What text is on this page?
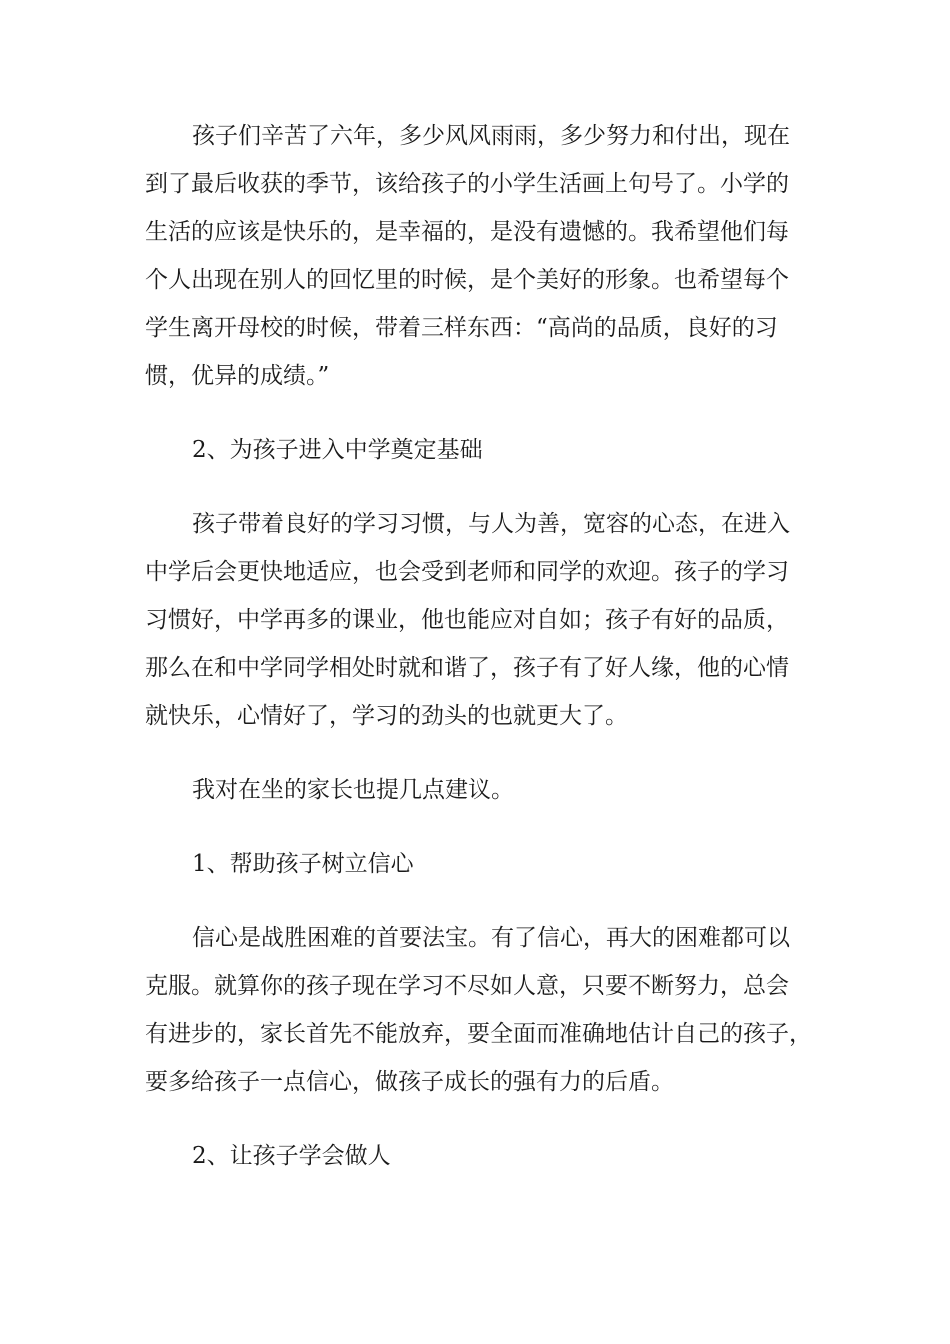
孩子们辛苦了六年，多少风风雨雨，多少努力和付出，现在
到了最后收获的季节，该给孩子的小学生活画上句号了。小学的
生活的应该是快乐的，是幸福的，是没有遗憾的。我希望他们每
个人出现在别人的回忆里的时候，是个美好的形象。也希望每个
学生离开母校的时候，带着三样东西：“高尚的品质，良好的习
惯，优异的成绩。”

2、为孩子进入中学奠定基础

孩子带着良好的学习习惯，与人为善，宽容的心态，在进入
中学后会更快地适应，也会受到老师和同学的欢迎。孩子的学习
习惯好，中学再多的课业，他也能应对自如；孩子有好的品质，
那么在和中学同学相处时就和谐了，孩子有了好人缘，他的心情
就快乐，心情好了，学习的劲头的也就更大了。

我对在坐的家长也提几点建议。

1、帮助孩子树立信心

信心是战胜困难的首要法宝。有了信心，再大的困难都可以
克服。就算你的孩子现在学习不尽如人意，只要不断努力，总会
有进步的，家长首先不能放弃，要全面而准确地估计自己的孩子，
要多给孩子一点信心，做孩子成长的强有力的后盾。

2、让孩子学会做人
